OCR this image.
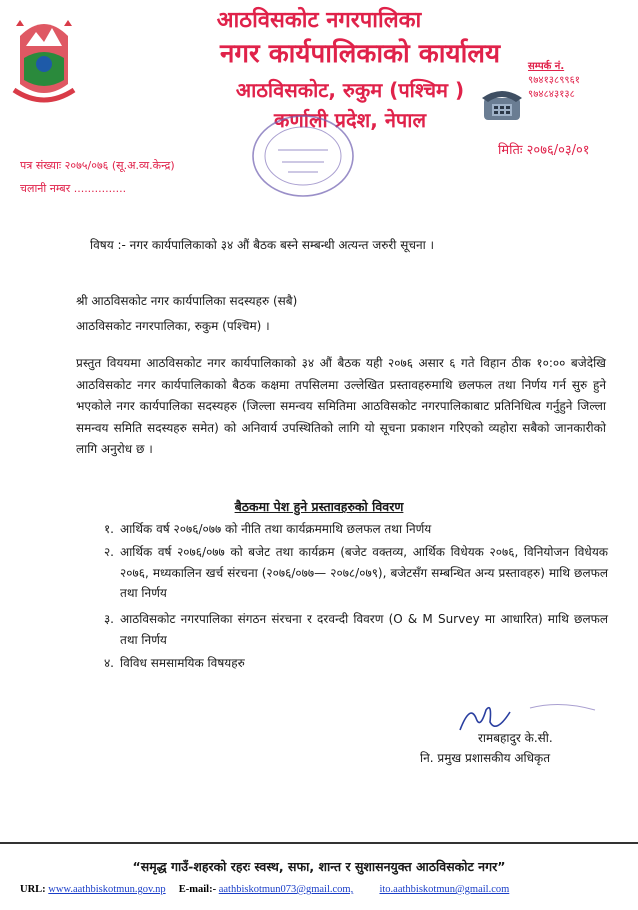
आठविसकोट नगरपालिका
नगर कार्यपालिकाको कार्यालय
आठविसकोट, रुकुम (पश्चिम )
कर्णाली प्रदेश, नेपाल
सम्पर्क नं.
९७४१३८९९६१
९७४८४३१३८
मितिः २०७६/०३/०१
पत्र संख्याः २०७५/०७६ (सू.अ.व्य.केन्द्र)
चलानी नम्बर ...............
विषय :- नगर कार्यपालिकाको ३४ औं बैठक बस्ने सम्बन्धी अत्यन्त जरुरी सूचना ।
श्री आठविसकोट नगर कार्यपालिका सदस्यहरु (सबै)
आठविसकोट नगरपालिका, रुकुम (पश्चिम) ।
प्रस्तुत विययमा आठविसकोट नगर कार्यपालिकाको ३४ औं बैठक यही २०७६ असार ६ गते विहान ठीक १०:०० बजेदेखि आठविसकोट नगर कार्यपालिकाको बैठक कक्षमा तपसिलमा उल्लेखित प्रस्तावहरुमाथि छलफल तथा निर्णय गर्न सुरु हुने भएकोले नगर कार्यपालिका सदस्यहरु (जिल्ला समन्वय समितिमा आठविसकोट नगरपालिकाबाट प्रतिनिधित्व गर्नुहुने जिल्ला समन्वय समिति सदस्यहरु समेत) को अनिवार्य उपस्थितिको लागि यो सूचना प्रकाशन गरिएको व्यहोरा सबैको जानकारीको लागि अनुरोध छ ।
बैठकमा पेश हुने प्रस्तावहरुको विवरण
१. आर्थिक वर्ष २०७६/०७७ को नीति तथा कार्यक्रममाथि छलफल तथा निर्णय
२. आर्थिक वर्ष २०७६/०७७ को बजेट तथा कार्यक्रम (बजेट वक्तव्य, आर्थिक विधेयक २०७६, विनियोजन विधेयक २०७६, मध्यकालिन खर्च संरचना (२०७६/०७७— २०७८/०७९), बजेटसँग सम्बन्धित अन्य प्रस्तावहरु) माथि छलफल तथा निर्णय
३. आठविसकोट नगरपालिका संगठन संरचना र दरवन्दी विवरण (O & M Survey मा आधारित) माथि छलफल तथा निर्णय
४. विविध समसामयिक विषयहरु
रामबहादुर के.सी.
नि. प्रमुख प्रशासकीय अधिकृत
“समृद्ध गाउँ-शहरको रहरः स्वस्थ, सफा, शान्त र सुशासनयुक्त आठविसकोट नगर”
URL: www.aathbiskotmun.gov.np E-mail:- aathbiskotmun073@gmail.com,	ito.aathbiskotmun@gmail.com
